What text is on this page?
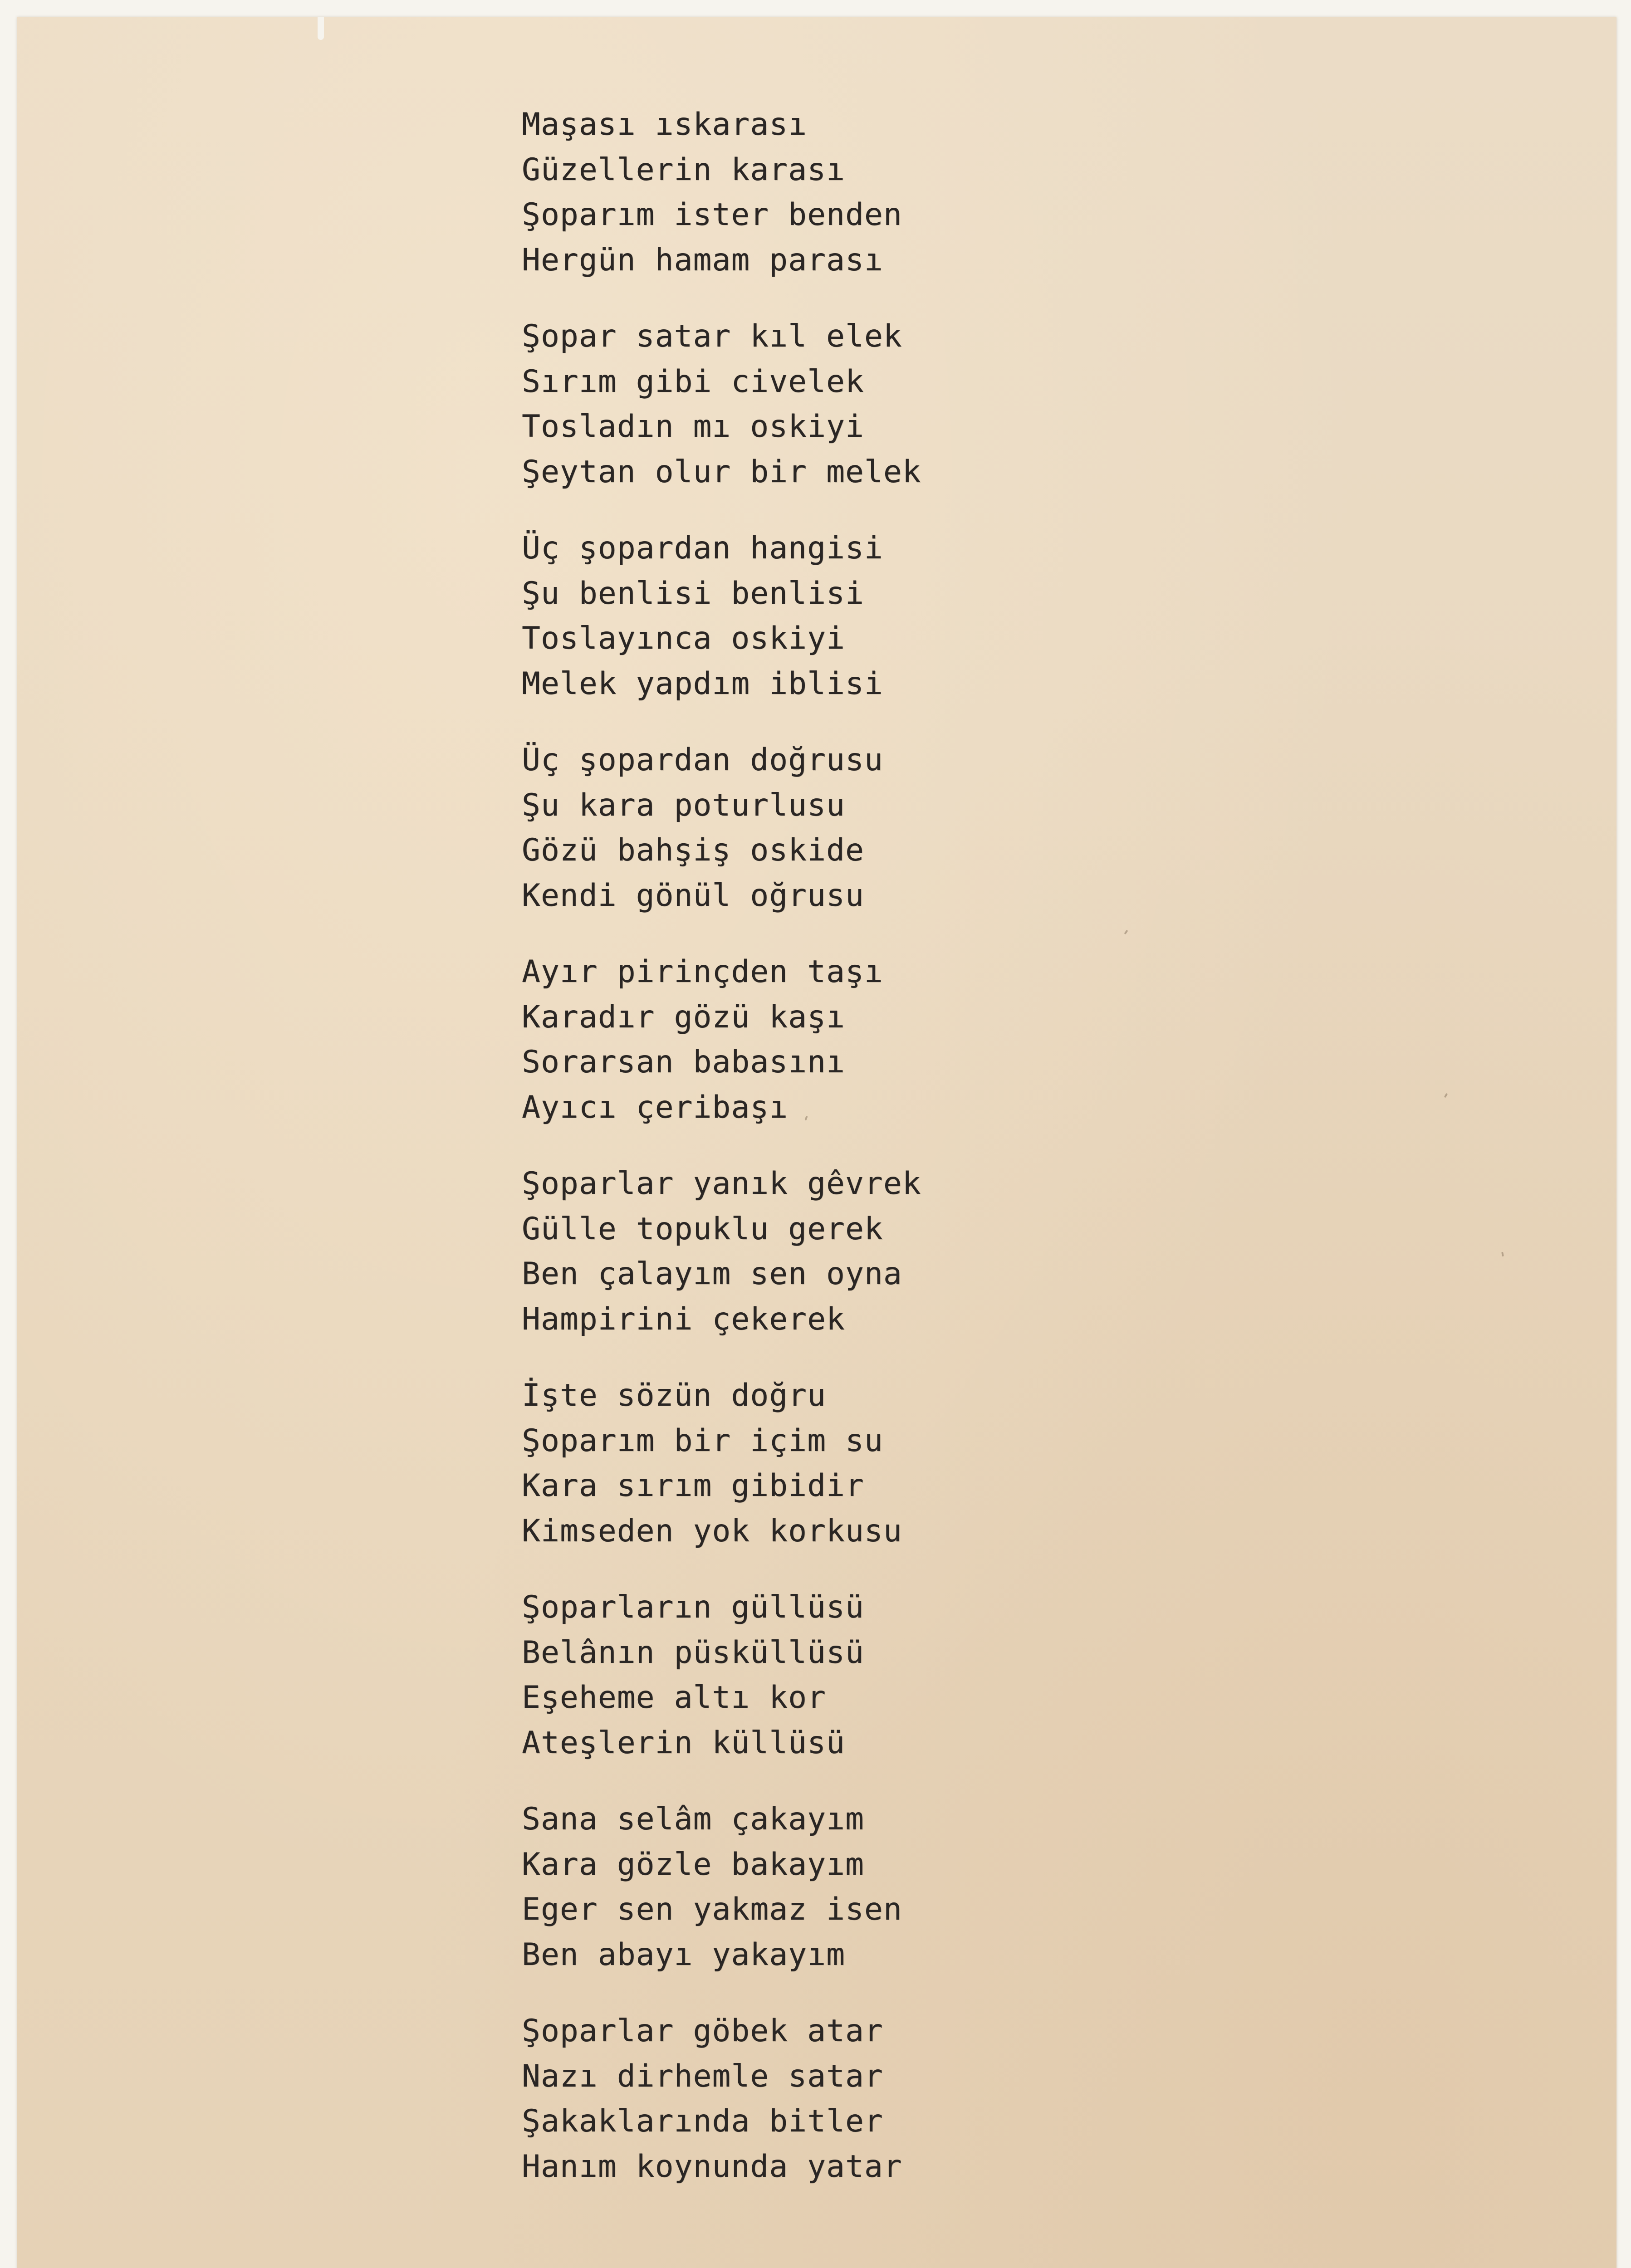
Maşası ıskarası
Güzellerin karası
Şoparım ister benden
Hergün hamam parası
Şopar satar kıl elek
Sırım gibi civelek
Tosladın mı oskiyi
Şeytan olur bir melek
Üç şopardan hangisi
Şu benlisi benlisi
Toslayınca oskiyi
Melek yapdım iblisi
Üç şopardan doğrusu
Şu kara poturlusu
Gözü bahşiş oskide
Kendi gönül oğrusu
Ayır pirinçden taşı
Karadır gözü kaşı
Sorarsan babasını
Ayıcı çeribaşı
Şoparlar yanık gêvrek
Gülle topuklu gerek
Ben çalayım sen oyna
Hampirini çekerek
İşte sözün doğru
Şoparım bir içim su
Kara sırım gibidir
Kimseden yok korkusu
Şoparların güllüsü
Belânın püsküllüsü
Eşeheme altı kor
Ateşlerin küllüsü
Sana selâm çakayım
Kara gözle bakayım
Eger sen yakmaz isen
Ben abayı yakayım
Şoparlar göbek atar
Nazı dirhemle satar
Şakaklarında bitler
Hanım koynunda yatar
